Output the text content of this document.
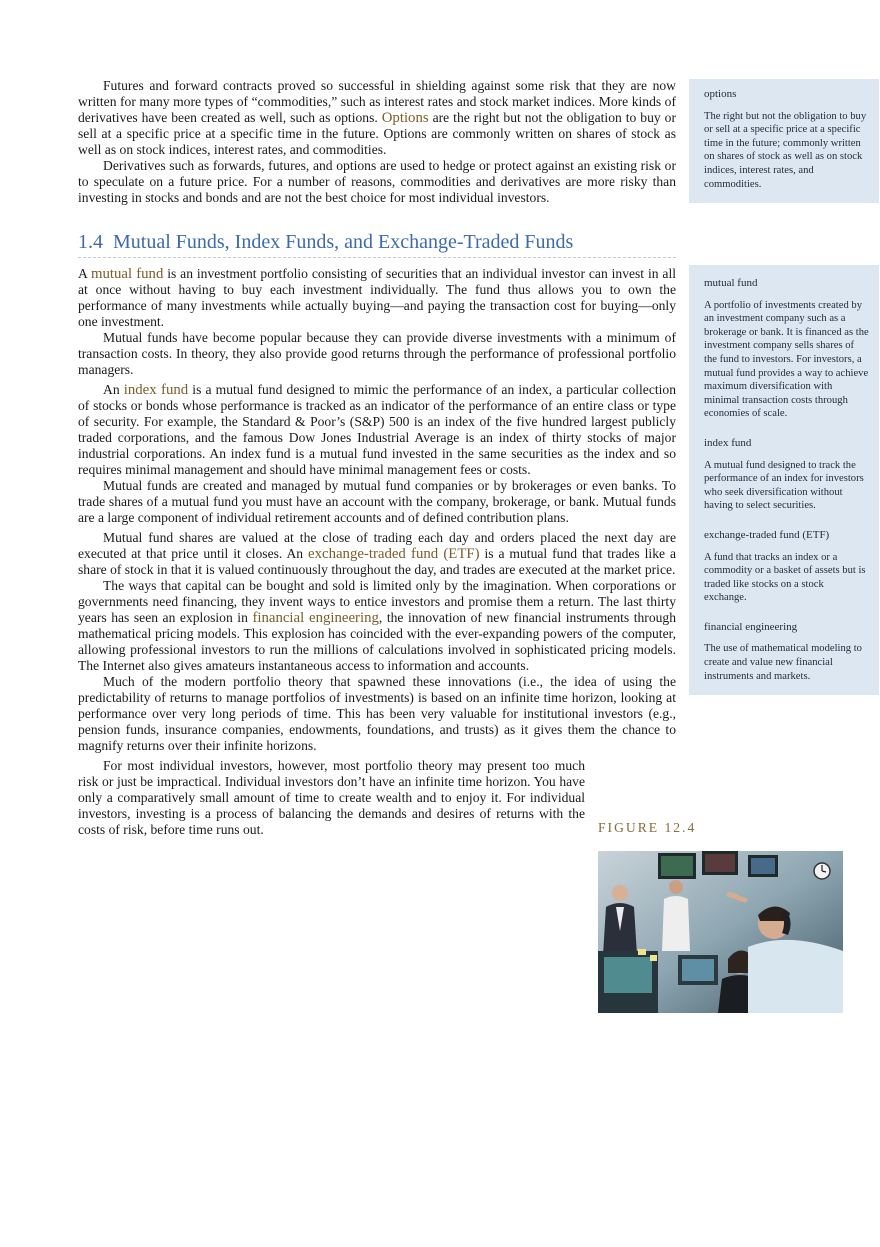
Futures and forward contracts proved so successful in shielding against some risk that they are now written for many more types of “commodities,” such as interest rates and stock market indices. More kinds of derivatives have been created as well, such as options. Options are the right but not the obligation to buy or sell at a specific price at a specific time in the future. Options are commonly written on shares of stock as well as on stock indices, interest rates, and commodities.

Derivatives such as forwards, futures, and options are used to hedge or protect against an existing risk or to speculate on a future price. For a number of reasons, commodities and derivatives are more risky than investing in stocks and bonds and are not the best choice for most individual investors.

1.4 Mutual Funds, Index Funds, and Exchange-Traded Funds

A mutual fund is an investment portfolio consisting of securities that an individual investor can invest in all at once without having to buy each investment individually. The fund thus allows you to own the performance of many investments while actually buying—and paying the transaction cost for buying—only one investment.

Mutual funds have become popular because they can provide diverse investments with a minimum of transaction costs. In theory, they also provide good returns through the performance of professional portfolio managers.

An index fund is a mutual fund designed to mimic the performance of an index, a particular collection of stocks or bonds whose performance is tracked as an indicator of the performance of an entire class or type of security. For example, the Standard & Poor’s (S&P) 500 is an index of the five hundred largest publicly traded corporations, and the famous Dow Jones Industrial Average is an index of thirty stocks of major industrial corporations. An index fund is a mutual fund invested in the same securities as the index and so requires minimal management and should have minimal management fees or costs.

Mutual funds are created and managed by mutual fund companies or by brokerages or even banks. To trade shares of a mutual fund you must have an account with the company, brokerage, or bank. Mutual funds are a large component of individual retirement accounts and of defined contribution plans.

Mutual fund shares are valued at the close of trading each day and orders placed the next day are executed at that price until it closes. An exchange-traded fund (ETF) is a mutual fund that trades like a share of stock in that it is valued continuously throughout the day, and trades are executed at the market price.

The ways that capital can be bought and sold is limited only by the imagination. When corporations or governments need financing, they invent ways to entice investors and promise them a return. The last thirty years has seen an explosion in financial engineering, the innovation of new financial instruments through mathematical pricing models. This explosion has coincided with the ever-expanding powers of the computer, allowing professional investors to run the millions of calculations involved in sophisticated pricing models. The Internet also gives amateurs instantaneous access to information and accounts.

Much of the modern portfolio theory that spawned these innovations (i.e., the idea of using the predictability of returns to manage portfolios of investments) is based on an infinite time horizon, looking at performance over very long periods of time. This has been very valuable for institutional investors (e.g., pension funds, insurance companies, endowments, foundations, and trusts) as it gives them the chance to magnify returns over their infinite horizons.

For most individual investors, however, most portfolio theory may present too much risk or just be impractical. Individual investors don’t have an infinite time horizon. You have only a comparatively small amount of time to create wealth and to enjoy it. For individual investors, investing is a process of balancing the demands and desires of returns with the costs of risk, before time runs out.

options

The right but not the obligation to buy or sell at a specific price at a specific time in the future; commonly written on shares of stock as well as on stock indices, interest rates, and commodities.

mutual fund

A portfolio of investments created by an investment company such as a brokerage or bank. It is financed as the investment company sells shares of the fund to investors. For investors, a mutual fund provides a way to achieve maximum diversification with minimal transaction costs through economies of scale.

index fund

A mutual fund designed to track the performance of an index for investors who seek diversification without having to select securities.

exchange-traded fund (ETF)

A fund that tracks an index or a commodity or a basket of assets but is traded like stocks on a stock exchange.

financial engineering

The use of mathematical modeling to create and value new financial instruments and markets.

FIGURE 12.4
